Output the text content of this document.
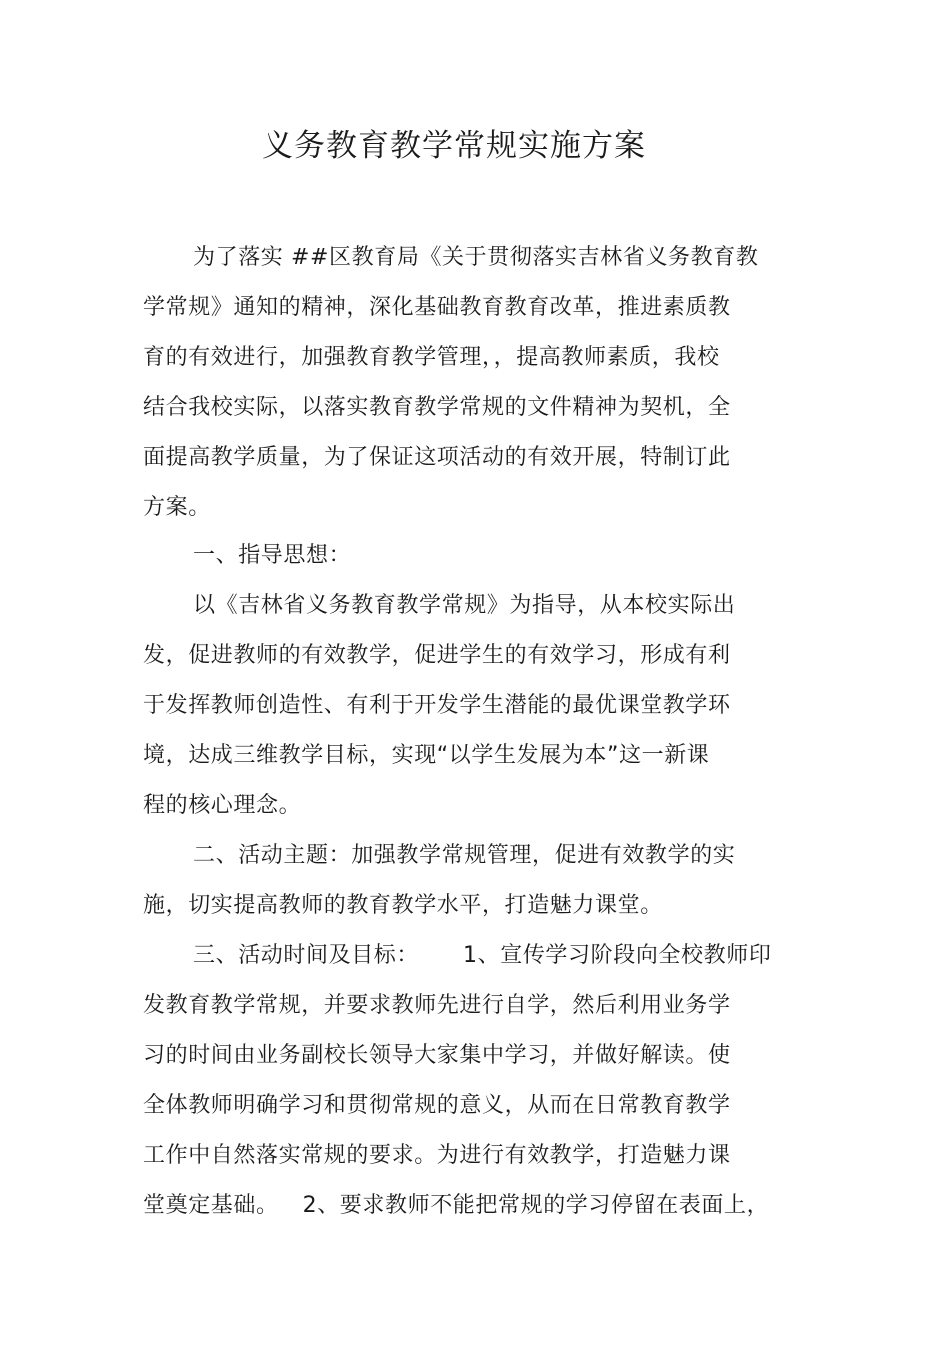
义务教育教学常规实施方案
为了落实 ##区教育局《关于贯彻落实吉林省义务教育教
学常规》通知的精神，深化基础教育教育改革，推进素质教
育的有效进行，加强教育教学管理，，提高教师素质，我校
结合我校实际，以落实教育教学常规的文件精神为契机，全
面提高教学质量，为了保证这项活动的有效开展，特制订此
方案。
一、指导思想：
以《吉林省义务教育教学常规》为指导，从本校实际出
发，促进教师的有效教学，促进学生的有效学习，形成有利
于发挥教师创造性、有利于开发学生潜能的最优课堂教学环
境，达成三维教学目标，实现“以学生发展为本”这一新课
程的核心理念。
二、活动主题：加强教学常规管理，促进有效教学的实
施，切实提高教师的教育教学水平，打造魅力课堂。
三、活动时间及目标： 1、宣传学习阶段向全校教师印
发教育教学常规，并要求教师先进行自学，然后利用业务学
习的时间由业务副校长领导大家集中学习，并做好解读。使
全体教师明确学习和贯彻常规的意义，从而在日常教育教学
工作中自然落实常规的要求。为进行有效教学，打造魅力课
堂奠定基础。 2、要求教师不能把常规的学习停留在表面上，
